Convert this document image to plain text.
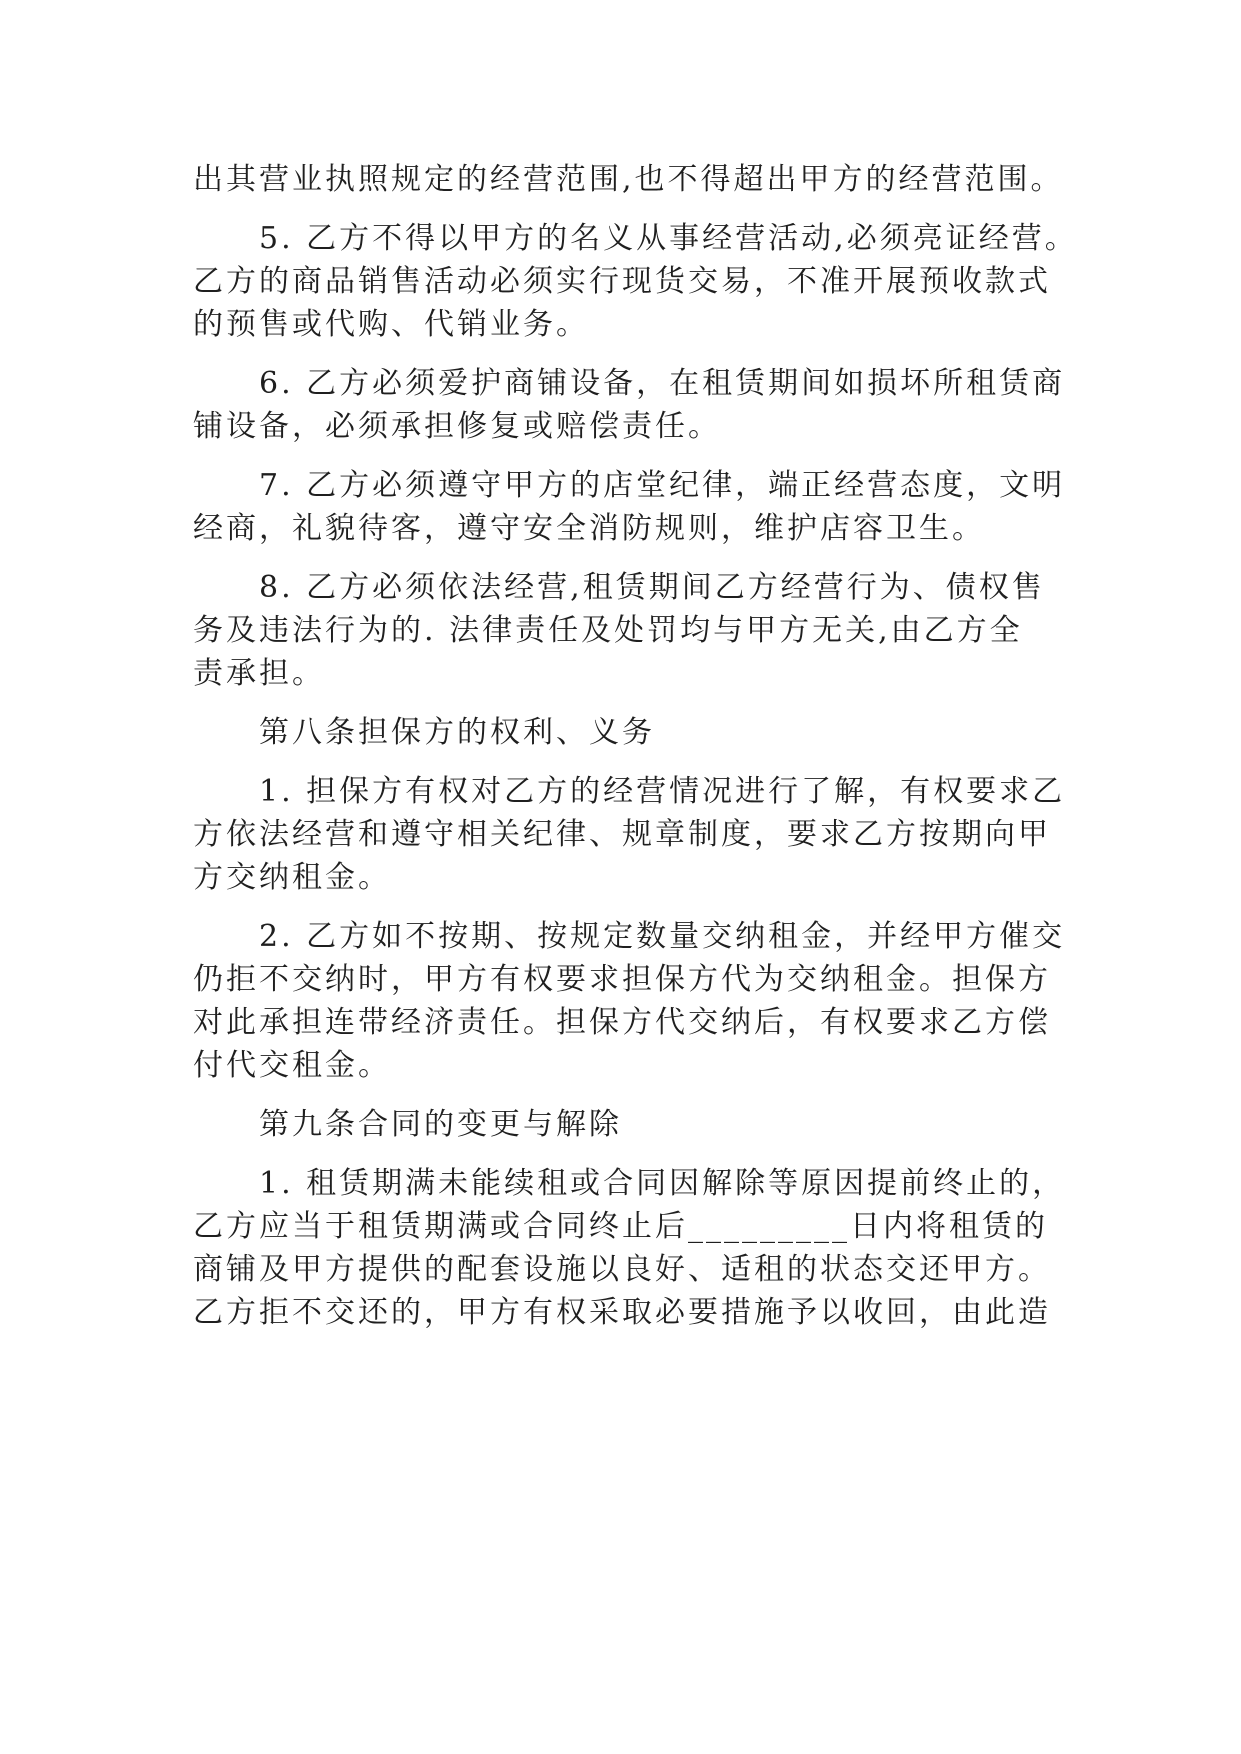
出其营业执照规定的经营范围,也不得超出甲方的经营范围。
5. 乙方不得以甲方的名义从事经营活动,必须亮证经营。
乙方的商品销售活动必须实行现货交易，不准开展预收款式
的预售或代购、代销业务。
6. 乙方必须爱护商铺设备，在租赁期间如损坏所租赁商
铺设备，必须承担修复或赔偿责任。
7. 乙方必须遵守甲方的店堂纪律，端正经营态度，文明
经商，礼貌待客，遵守安全消防规则，维护店容卫生。
8. 乙方必须依法经营,租赁期间乙方经营行为、债权售
务及违法行为的. 法律责任及处罚均与甲方无关,由乙方全
责承担。
第八条担保方的权利、义务
1. 担保方有权对乙方的经营情况进行了解，有权要求乙
方依法经营和遵守相关纪律、规章制度，要求乙方按期向甲
方交纳租金。
2. 乙方如不按期、按规定数量交纳租金，并经甲方催交
仍拒不交纳时，甲方有权要求担保方代为交纳租金。担保方
对此承担连带经济责任。担保方代交纳后，有权要求乙方偿
付代交租金。
第九条合同的变更与解除
1. 租赁期满未能续租或合同因解除等原因提前终止的，
乙方应当于租赁期满或合同终止后_________日内将租赁的
商铺及甲方提供的配套设施以良好、适租的状态交还甲方。
乙方拒不交还的，甲方有权采取必要措施予以收回，由此造
